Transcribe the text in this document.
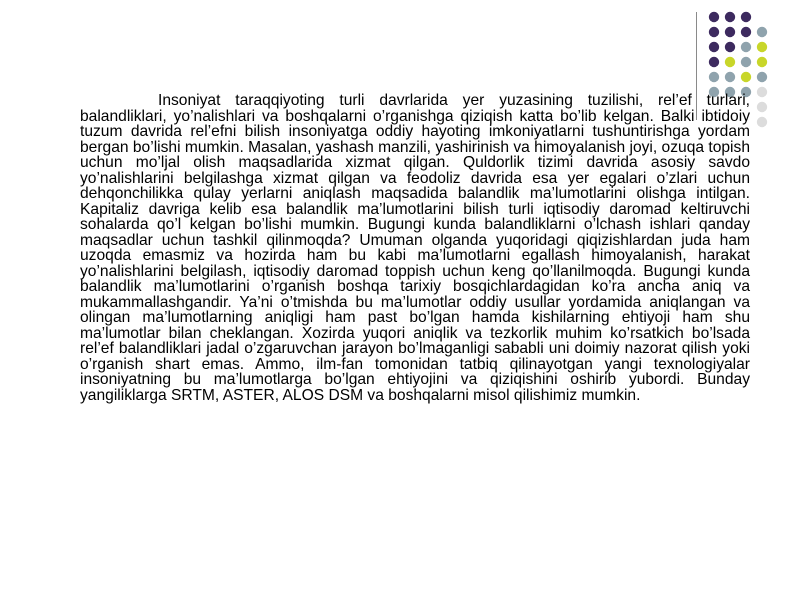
Insoniyat taraqqiyoting turli davrlarida yer yuzasining tuzilishi, rel’ef turlari, balandliklari, yo’nalishlari va boshqalarni o’rganishga qiziqish katta bo’lib kelgan. Balki ibtidoiy tuzum davrida rel’efni bilish insoniyatga oddiy hayoting imkoniyatlarni tushuntirishga yordam bergan bo’lishi mumkin. Masalan, yashash manzili, yashirinish va himoyalanish joyi, ozuqa topish uchun mo’ljal olish maqsadlarida xizmat qilgan. Quldorlik tizimi davrida asosiy savdo yo’nalishlarini belgilashga xizmat qilgan va feodoliz davrida esa yer egalari o’zlari uchun dehqonchilikka qulay yerlarni aniqlash maqsadida balandlik ma’lumotlarini olishga intilgan. Kapitaliz davriga kelib esa balandlik ma’lumotlarini bilish turli iqtisodiy daromad keltiruvchi sohalarda qo’l kelgan bo’lishi mumkin. Bugungi kunda balandliklarni o’lchash ishlari qanday maqsadlar uchun tashkil qilinmoqda? Umuman olganda yuqoridagi qiqizishlardan juda ham uzoqda emasmiz va hozirda ham bu kabi ma’lumotlarni egallash himoyalanish, harakat yo’nalishlarini belgilash, iqtisodiy daromad toppish uchun keng qo’llanilmoqda. Bugungi kunda balandlik ma’lumotlarini o’rganish boshqa tarixiy bosqichlardagidan ko’ra ancha aniq va mukammallashgandir. Ya’ni o’tmishda bu ma’lumotlar oddiy usullar yordamida aniqlangan va olingan ma’lumotlarning aniqligi ham past bo’lgan hamda kishilarning ehtiyoji ham shu ma’lumotlar bilan cheklangan. Xozirda yuqori aniqlik va tezkorlik muhim ko’rsatkich bo’lsada rel’ef balandliklari jadal o’zgaruvchan jarayon bo’lmaganligi sababli uni doimiy nazorat qilish yoki o’rganish shart emas. Ammo, ilm-fan tomonidan tatbiq qilinayotgan yangi texnologiyalar insoniyatning bu ma’lumotlarga bo’lgan ehtiyojini va qiziqishini oshirib yubordi. Bunday yangiliklarga SRTM, ASTER, ALOS DSM va boshqalarni misol qilishimiz mumkin.
